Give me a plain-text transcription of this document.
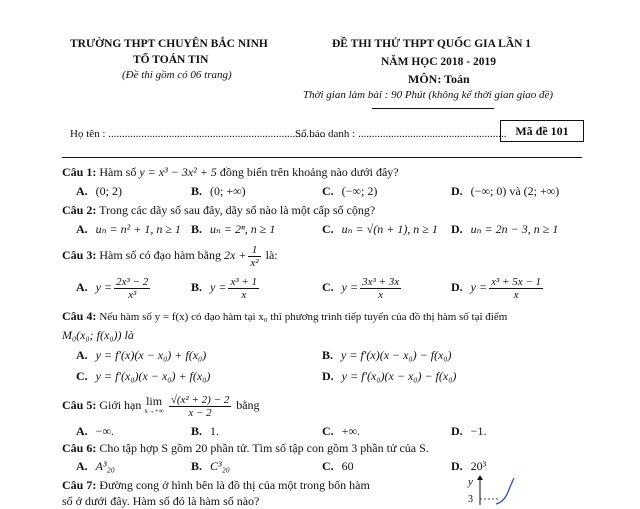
TRƯỜNG THPT CHUYÊN BẮC NINH
TỔ TOÁN TIN
(Đề thi gồm có 06 trang)
ĐỀ THI THỬ THPT QUỐC GIA LẦN 1
NĂM HỌC 2018 - 2019
MÔN: Toán
Thời gian làm bài : 90 Phút (không kể thời gian giao đề)
Họ tên : ...............................................................................
Số báo danh : ...................................................... Mã đề 101
Câu 1: Hàm số y = x³ − 3x² + 5 đồng biến trên khoảng nào dưới đây?
A. (0; 2)	B. (0; +∞)	C. (−∞; 2)	D. (−∞; 0) và (2; +∞)
Câu 2: Trong các dãy số sau đây, dãy số nào là một cấp số cộng?
A. uₙ = n² + 1, n ≥ 1 B. uₙ = 2ⁿ, n ≥ 1	C. uₙ = √(n + 1), n ≥ 1 D. uₙ = 2n − 3, n ≥ 1
Câu 3: Hàm số có đạo hàm bằng $2x + \frac{1}{\text{x²}}$ là:
A. $y = \frac{\text{2x³ − 2}}{\text{x³}}$	B. $y = \frac{\text{x³ + 1}}{x}$	C. $y = \frac{\text{3x³ + 3x}}{x}$	D. $y = \frac{\text{x³ + 5x − 1}}{x}$
Câu 4: Nếu hàm số y = f(x) có đạo hàm tại x₀ thì phương trình tiếp tuyến của đồ thị hàm số tại điểm
M₀(x₀; f(x₀)) là
A. y = f′(x)(x − x₀) + f(x₀)	B. y = f′(x)(x − x₀) − f(x₀)
C. y = f′(x₀)(x − x₀) + f(x₀)	D. y = f′(x₀)(x − x₀) − f(x₀)
Câu 5: Giới hạn lim
x→+∞
$\frac{\text{√(x² + 2) − 2}}{x - 2}$ bằng
A. −∞.	B. 1.	C. +∞.	D. −1.
Câu 6: Cho tập hợp S gồm 20 phần tử. Tìm số tập con gồm 3 phần tử của S.
A. A³₂₀	B. C³₂₀	C. 60	D. 20³
Câu 7: Đường cong ở hình bên là đồ thị của một trong bốn hàm
số ở dưới đây. Hàm số đó là hàm số nào?
y
3
